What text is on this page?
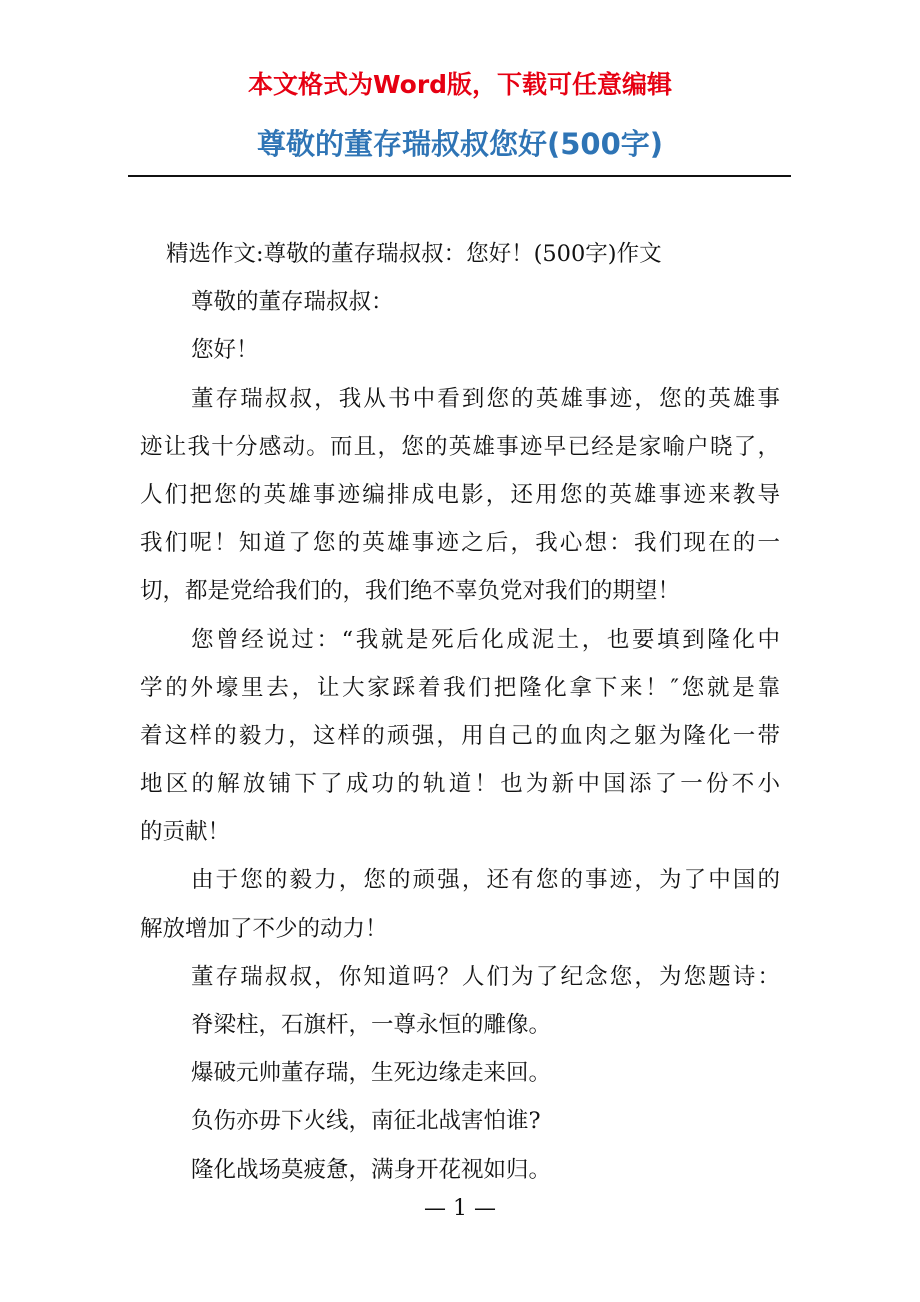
本文格式为Word版，下载可任意编辑
尊敬的董存瑞叔叔您好(500字)
精选作文:尊敬的董存瑞叔叔：您好！(500字)作文
尊敬的董存瑞叔叔：
您好！
董存瑞叔叔，我从书中看到您的英雄事迹，您的英雄事
迹让我十分感动。而且，您的英雄事迹早已经是家喻户晓了，
人们把您的英雄事迹编排成电影，还用您的英雄事迹来教导
我们呢！知道了您的英雄事迹之后，我心想：我们现在的一
切，都是党给我们的，我们绝不辜负党对我们的期望！
您曾经说过：“我就是死后化成泥土，也要填到隆化中
学的外壕里去，让大家踩着我们把隆化拿下来！″您就是靠
着这样的毅力，这样的顽强，用自己的血肉之躯为隆化一带
地区的解放铺下了成功的轨道！也为新中国添了一份不小
的贡献！
由于您的毅力，您的顽强，还有您的事迹，为了中国的
解放增加了不少的动力！
董存瑞叔叔，你知道吗？人们为了纪念您，为您题诗：
脊梁柱，石旗杆，一尊永恒的雕像。
爆破元帅董存瑞，生死边缘走来回。
负伤亦毋下火线，南征北战害怕谁?
隆化战场莫疲惫，满身开花视如归。
— 1 —
